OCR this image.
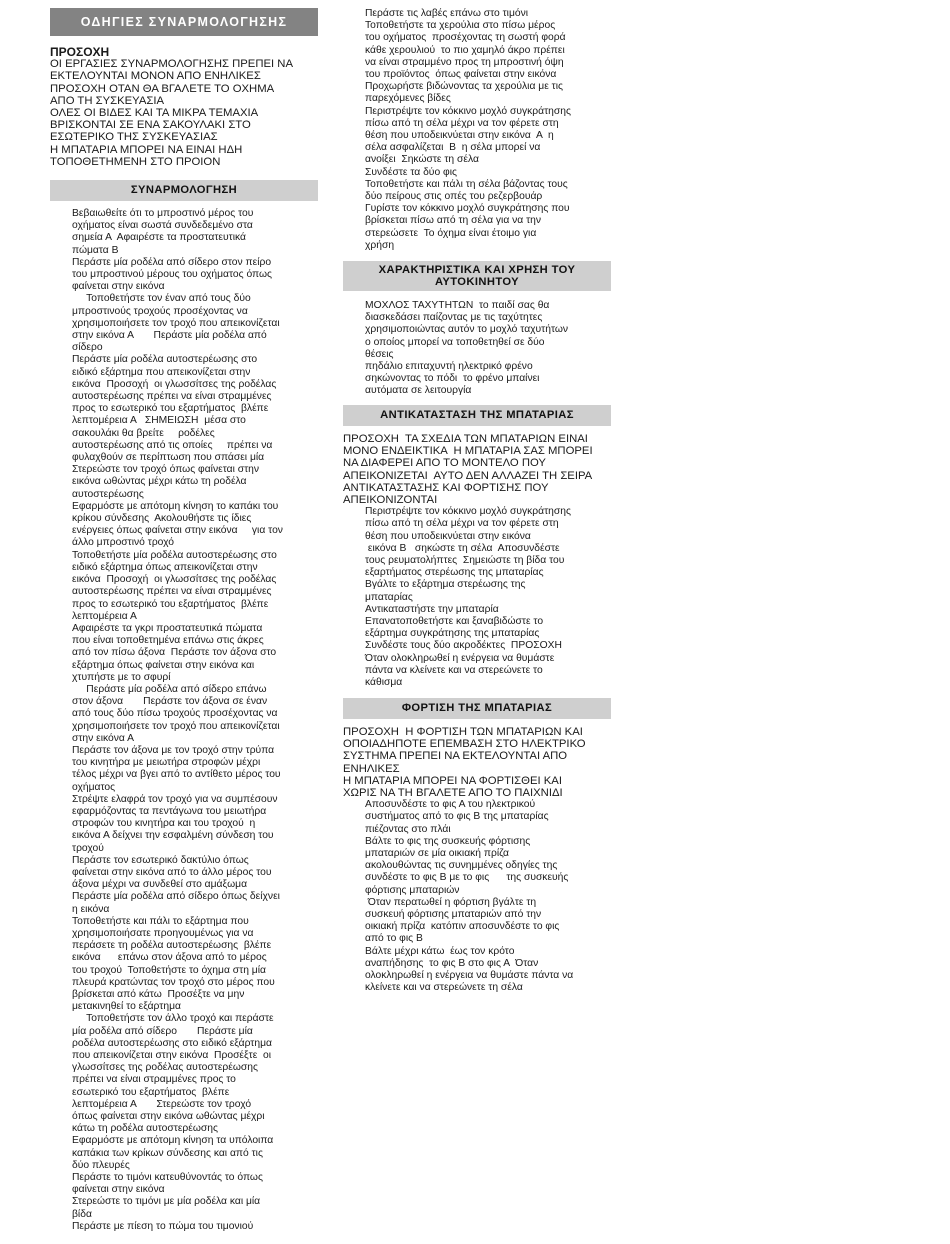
ΟΔΗΓΙΕΣ ΣΥΝΑΡΜΟΛΟΓΗΣΗΣ
ΠΡΟΣΟΧΗ
ΟΙ ΕΡΓΑΣΙΕΣ ΣΥΝΑΡΜΟΛΟΓΗΣΗΣ ΠΡΕΠΕΙ ΝΑ
ΕΚΤΕΛΟΥΝΤΑΙ ΜΟΝΟΝ ΑΠΟ ΕΝΗΛΙΚΕΣ
ΠΡΟΣΟΧΗ ΟΤΑΝ ΘΑ ΒΓΑΛΕΤΕ ΤΟ ΟΧΗΜΑ
ΑΠΟ ΤΗ ΣΥΣΚΕΥΑΣΙΑ
ΟΛΕΣ ΟΙ ΒΙΔΕΣ ΚΑΙ ΤΑ ΜΙΚΡΑ ΤΕΜΑΧΙΑ
ΒΡΙΣΚΟΝΤΑΙ ΣΕ ΕΝΑ ΣΑΚΟΥΛΑΚΙ ΣΤΟ
ΕΣΩΤΕΡΙΚΟ ΤΗΣ ΣΥΣΚΕΥΑΣΙΑΣ
Η ΜΠΑΤΑΡΙΑ ΜΠΟΡΕΙ ΝΑ ΕΙΝΑΙ ΗΔΗ
ΤΟΠΟΘΕΤΗΜΕΝΗ ΣΤΟ ΠΡΟΙΟΝ
ΣΥΝΑΡΜΟΛΟΓΗΣΗ
Βεβαιωθείτε ότι το μπροστινό μέρος του
οχήματος είναι σωστά συνδεδεμένο στα
σημεία Α  Αφαιρέστε τα προστατευτικά
πώματα Β
Περάστε μία ροδέλα από σίδερο στον πείρο
του μπροστινού μέρους του οχήματος όπως
φαίνεται στην εικόνα
Τοποθετήστε τον έναν από τους δύο
μπροστινούς τροχούς προσέχοντας να
χρησιμοποιήσετε τον τροχό που απεικονίζεται
στην εικόνα Α       Περάστε μία ροδέλα από
σίδερο
Περάστε μία ροδέλα αυτοστερέωσης στο
ειδικό εξάρτημα που απεικονίζεται στην
εικόνα  Προσοχή  οι γλωσσίτσες της ροδέλας
αυτοστερέωσης πρέπει να είναι στραμμένες
προς το εσωτερικό του εξαρτήματος  βλέπε
λεπτομέρεια Α   ΣΗΜΕΙΩΣΗ  μέσα στο
σακουλάκι θα βρείτε     ροδέλες
αυτοστερέωσης από τις οποίες     πρέπει να
φυλαχθούν σε περίπτωση που σπάσει μία
Στερεώστε τον τροχό όπως φαίνεται στην
εικόνα ωθώντας μέχρι κάτω τη ροδέλα
αυτοστερέωσης
Εφαρμόστε με απότομη κίνηση το καπάκι του
κρίκου σύνδεσης  Ακολουθήστε τις ίδιες
ενέργειες όπως φαίνεται στην εικόνα     για τον
άλλο μπροστινό τροχό
Τοποθετήστε μία ροδέλα αυτοστερέωσης στο
ειδικό εξάρτημα όπως απεικονίζεται στην
εικόνα  Προσοχή  οι γλωσσίτσες της ροδέλας
αυτοστερέωσης πρέπει να είναι στραμμένες
προς το εσωτερικό του εξαρτήματος  βλέπε
λεπτομέρεια Α
Αφαιρέστε τα γκρι προστατευτικά πώματα
που είναι τοποθετημένα επάνω στις άκρες
από τον πίσω άξονα  Περάστε τον άξονα στο
εξάρτημα όπως φαίνεται στην εικόνα και
χτυπήστε με το σφυρί
Περάστε μία ροδέλα από σίδερο επάνω
στον άξονα       Περάστε τον άξονα σε έναν
από τους δύο πίσω τροχούς προσέχοντας να
χρησιμοποιήσετε τον τροχό που απεικονίζεται
στην εικόνα Α
Περάστε τον άξονα με τον τροχό στην τρύπα
του κινητήρα με μειωτήρα στροφών μέχρι
τέλος μέχρι να βγει από το αντίθετο μέρος του
οχήματος
Στρέψτε ελαφρά τον τροχό για να συμπέσουν
εφαρμόζοντας τα πεντάγωνα του μειωτήρα
στροφών του κινητήρα και του τροχού  η
εικόνα Α δείχνει την εσφαλμένη σύνδεση του
τροχού
Περάστε τον εσωτερικό δακτύλιο όπως
φαίνεται στην εικόνα από το άλλο μέρος του
άξονα μέχρι να συνδεθεί στο αμάξωμα
Περάστε μία ροδέλα από σίδερο όπως δείχνει
η εικόνα
Τοποθετήστε και πάλι το εξάρτημα που
χρησιμοποιήσατε προηγουμένως για να
περάσετε τη ροδέλα αυτοστερέωσης  βλέπε
εικόνα      επάνω στον άξονα από το μέρος
του τροχού  Τοποθετήστε το όχημα στη μία
πλευρά κρατώντας τον τροχό στο μέρος που
βρίσκεται από κάτω  Προσέξτε να μην
μετακινηθεί το εξάρτημα
Τοποθετήστε τον άλλο τροχό και περάστε
μία ροδέλα από σίδερο       Περάστε μία
ροδέλα αυτοστερέωσης στο ειδικό εξάρτημα
που απεικονίζεται στην εικόνα  Προσέξτε  οι
γλωσσίτσες της ροδέλας αυτοστερέωσης
πρέπει να είναι στραμμένες προς το
εσωτερικό του εξαρτήματος  βλέπε
λεπτομέρεια Α       Στερεώστε τον τροχό
όπως φαίνεται στην εικόνα ωθώντας μέχρι
κάτω τη ροδέλα αυτοστερέωσης
Εφαρμόστε με απότομη κίνηση τα υπόλοιπα
καπάκια των κρίκων σύνδεσης και από τις
δύο πλευρές
Περάστε το τιμόνι κατευθύνοντάς το όπως
φαίνεται στην εικόνα
Στερεώστε το τιμόνι με μία ροδέλα και μία
βίδα
Περάστε με πίεση το πώμα του τιμονιού
Περάστε τις λαβές επάνω στο τιμόνι
Τοποθετήστε τα χερούλια στο πίσω μέρος
του οχήματος  προσέχοντας τη σωστή φορά
κάθε χερουλιού  το πιο χαμηλό άκρο πρέπει
να είναι στραμμένο προς τη μπροστινή όψη
του προϊόντος  όπως φαίνεται στην εικόνα
Προχωρήστε βιδώνοντας τα χερούλια με τις
παρεχόμενες βίδες
Περιστρέψτε τον κόκκινο μοχλό συγκράτησης
πίσω από τη σέλα μέχρι να τον φέρετε στη
θέση που υποδεικνύεται στην εικόνα  Α  η
σέλα ασφαλίζεται  Β  η σέλα μπορεί να
ανοίξει  Σηκώστε τη σέλα
Συνδέστε τα δύο φις
Τοποθετήστε και πάλι τη σέλα βάζοντας τους
δύο πείρους στις οπές του ρεζερβουάρ
Γυρίστε τον κόκκινο μοχλό συγκράτησης που
βρίσκεται πίσω από τη σέλα για να την
στερεώσετε  Το όχημα είναι έτοιμο για
χρήση
ΧΑΡΑΚΤΗΡΙΣΤΙΚΑ ΚΑΙ ΧΡΗΣΗ ΤΟΥ
ΑΥΤΟΚΙΝΗΤΟΥ
ΜΟΧΛΟΣ ΤΑΧΥΤΗΤΩΝ  το παιδί σας θα
διασκεδάσει παίζοντας με τις ταχύτητες
χρησιμοποιώντας αυτόν το μοχλό ταχυτήτων
ο οποίος μπορεί να τοποθετηθεί σε δύο
θέσεις
πηδάλιο επιταχυντή ηλεκτρικό φρένο
σηκώνοντας το πόδι  το φρένο μπαίνει
αυτόματα σε λειτουργία
ΑΝΤΙΚΑΤΑΣΤΑΣΗ ΤΗΣ ΜΠΑΤΑΡΙΑΣ
ΠΡΟΣΟΧΗ  ΤΑ ΣΧΕΔΙΑ ΤΩΝ ΜΠΑΤΑΡΙΩΝ ΕΙΝΑΙ
ΜΟΝΟ ΕΝΔΕΙΚΤΙΚΑ  Η ΜΠΑΤΑΡΙΑ ΣΑΣ ΜΠΟΡΕΙ
ΝΑ ΔΙΑΦΕΡΕΙ ΑΠΟ ΤΟ ΜΟΝΤΕΛΟ ΠΟΥ
ΑΠΕΙΚΟΝΙΖΕΤΑΙ  ΑΥΤΟ ΔΕΝ ΑΛΛΑΖΕΙ ΤΗ ΣΕΙΡΑ
ΑΝΤΙΚΑΤΑΣΤΑΣΗΣ ΚΑΙ ΦΟΡΤΙΣΗΣ ΠΟΥ
ΑΠΕΙΚΟΝΙΖΟΝΤΑΙ
Περιστρέψτε τον κόκκινο μοχλό συγκράτησης
πίσω από τη σέλα μέχρι να τον φέρετε στη
θέση που υποδεικνύεται στην εικόνα
εικόνα Β   σηκώστε τη σέλα  Αποσυνδέστε
τους ρευματολήπτες  Σημειώστε τη βίδα του
εξαρτήματος στερέωσης της μπαταρίας
Βγάλτε το εξάρτημα στερέωσης της
μπαταρίας
Αντικαταστήστε την μπαταρία
Επανατοποθετήστε και ξαναβιδώστε το
εξάρτημα συγκράτησης της μπαταρίας
Συνδέστε τους δύο ακροδέκτες  ΠΡΟΣΟΧΗ
Όταν ολοκληρωθεί η ενέργεια να θυμάστε
πάντα να κλείνετε και να στερεώνετε το
κάθισμα
ΦΟΡΤΙΣΗ ΤΗΣ ΜΠΑΤΑΡΙΑΣ
ΠΡΟΣΟΧΗ  Η ΦΟΡΤΙΣΗ ΤΩΝ ΜΠΑΤΑΡΙΩΝ ΚΑΙ
ΟΠΟΙΑΔΗΠΟΤΕ ΕΠΕΜΒΑΣΗ ΣΤΟ ΗΛΕΚΤΡΙΚΟ
ΣΥΣΤΗΜΑ ΠΡΕΠΕΙ ΝΑ ΕΚΤΕΛΟΥΝΤΑΙ ΑΠΟ
ΕΝΗΛΙΚΕΣ
Η ΜΠΑΤΑΡΙΑ ΜΠΟΡΕΙ ΝΑ ΦΟΡΤΙΣΘΕΙ ΚΑΙ
ΧΩΡΙΣ ΝΑ ΤΗ ΒΓΑΛΕΤΕ ΑΠΟ ΤΟ ΠΑΙΧΝΙΔΙ
Αποσυνδέστε το φις Α του ηλεκτρικού
συστήματος από το φις Β της μπαταρίας
πιέζοντας στο πλάι
Βάλτε το φις της συσκευής φόρτισης
μπαταριών σε μία οικιακή πρίζα
ακολουθώντας τις συνημμένες οδηγίες της
συνδέστε το φις Β με το φις      της συσκευής
φόρτισης μπαταριών
Όταν περατωθεί η φόρτιση βγάλτε τη
συσκευή φόρτισης μπαταριών από την
οικιακή πρίζα  κατόπιν αποσυνδέστε το φις
από το φις Β
Βάλτε μέχρι κάτω  έως τον κρότο
αναπήδησης  το φις Β στο φις Α  Όταν
ολοκληρωθεί η ενέργεια να θυμάστε πάντα να
κλείνετε και να στερεώνετε τη σέλα
